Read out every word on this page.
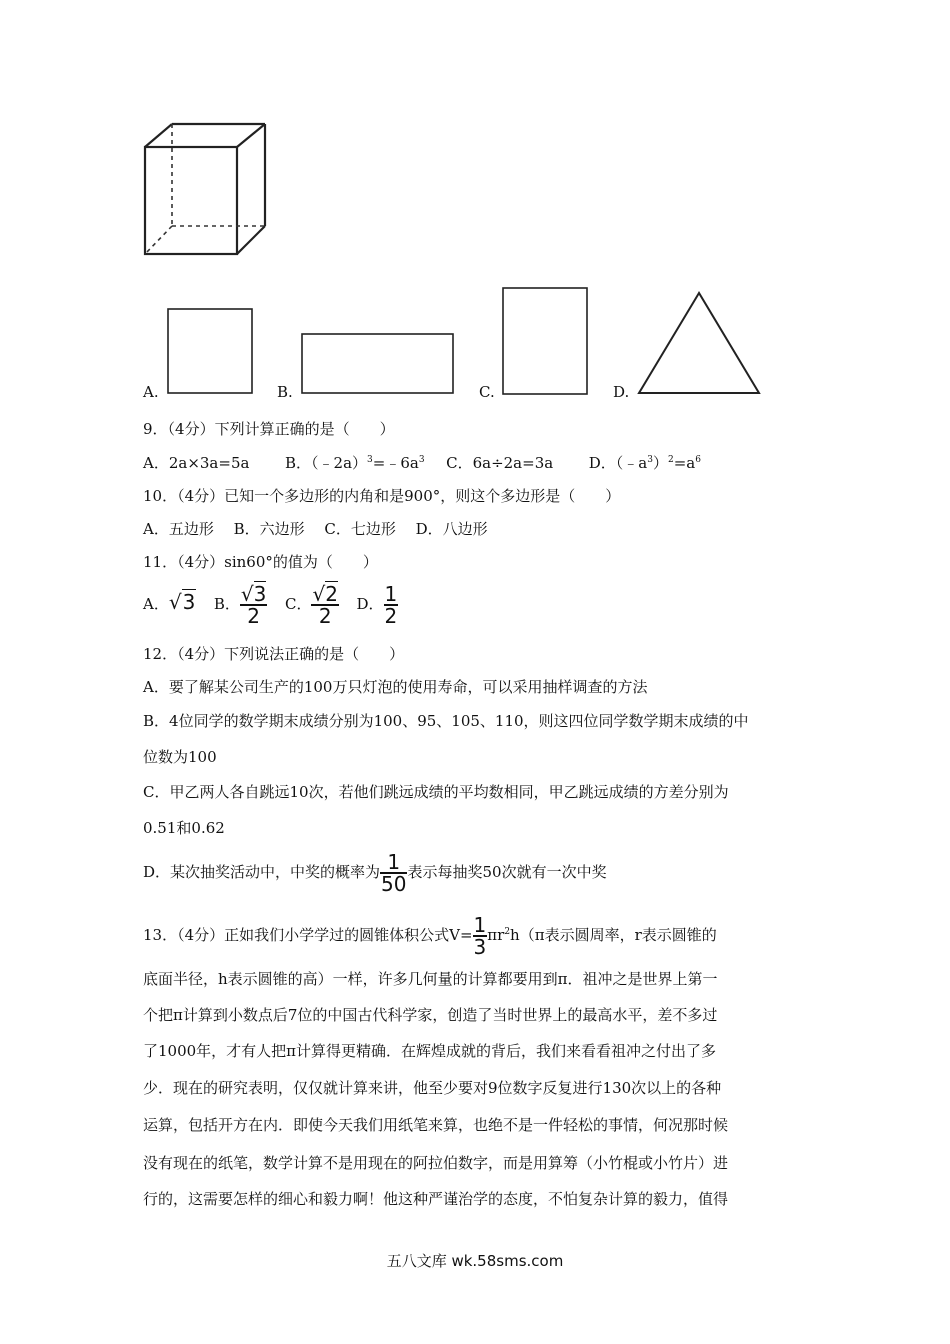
A.	B.	C.	D.
9．（4分）下列计算正确的是（　　）
A．2a×3a=5a B．$(﹣2a)^3=﹣6a^3$ C．6a÷2a=3a D．$(﹣a^3)^2=a^6$
10．（4分）已知一个多边形的内角和是900°，则这个多边形是（　　）
A．五边形　 B．六边形　 C．七边形　 D．八边形
11．（4分）sin60°的值为（　　）
A．√3 B． $\frac{√3}{2}$ C． $\frac{√2}{2}$ D． $\frac{1}{2}$
12．（4分）下列说法正确的是（　　）
A．要了解某公司生产的100万只灯泡的使用寿命，可以采用抽样调查的方法
B．4位同学的数学期末成绩分别为100、95、105、110，则这四位同学数学期末成绩的中
位数为100
C．甲乙两人各自跳远10次，若他们跳远成绩的平均数相同，甲乙跳远成绩的方差分别为
0.51和0.62
D．某次抽奖活动中，中奖的概率为 $\frac{1}{50}$ 表示每抽奖50次就有一次中奖
13．（4分）正如我们小学学过的圆锥体积公式$V= \frac{1}{3} \pi r^2h(\pi$表示圆周率，r表示圆锥的
底面半径，h表示圆锥的高）一样，许多几何量的计算都要用到π．祖冲之是世界上第一
个把π计算到小数点后7位的中国古代科学家，创造了当时世界上的最高水平，差不多过
了1000年，才有人把π计算得更精确．在辉煌成就的背后，我们来看看祖冲之付出了多
少．现在的研究表明，仅仅就计算来讲，他至少要对9位数字反复进行130次以上的各种
运算，包括开方在内．即使今天我们用纸笔来算，也绝不是一件轻松的事情，何况那时候
没有现在的纸笔，数学计算不是用现在的阿拉伯数字，而是用算筹（小竹棍或小竹片）进
行的，这需要怎样的细心和毅力啊！他这种严谨治学的态度，不怕复杂计算的毅力，值得
五八文库 wk.58sms.com
